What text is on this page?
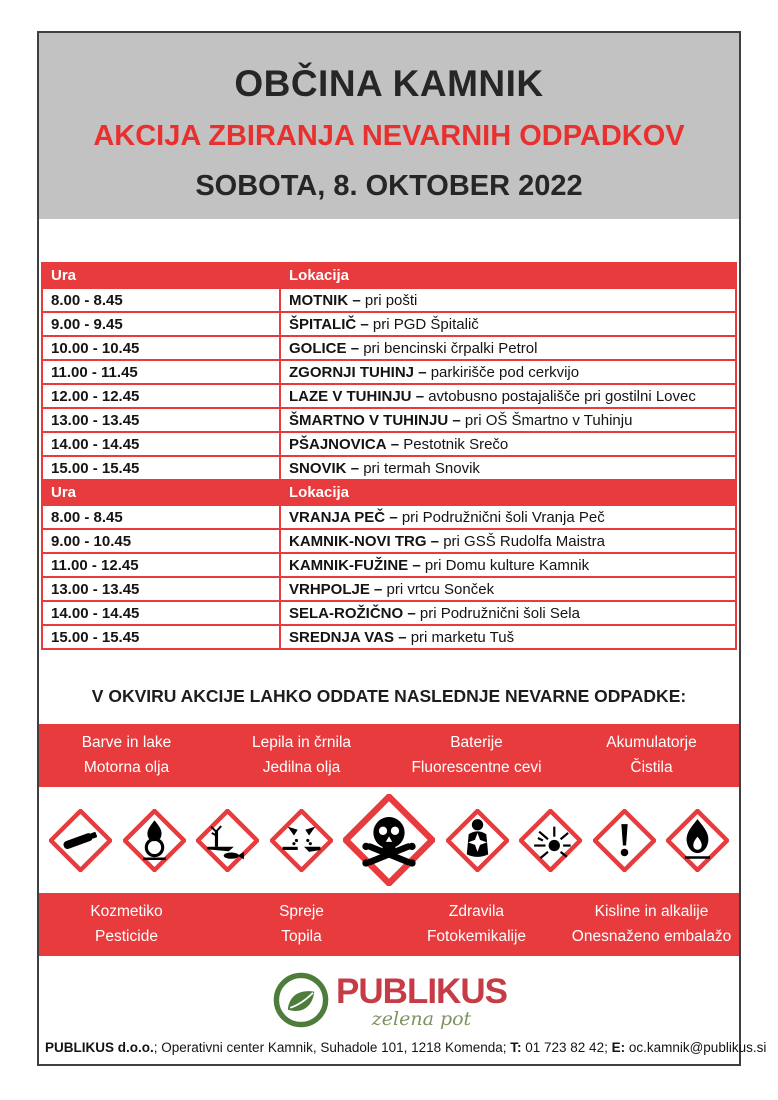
OBČINA KAMNIK
AKCIJA ZBIRANJA NEVARNIH ODPADKOV
SOBOTA, 8. OKTOBER 2022
Ura	Lokacija
8.00 - 8.45	MOTNIK – pri pošti
9.00 - 9.45	ŠPITALIČ – pri PGD Špitalič
10.00 - 10.45	GOLICE – pri bencinski črpalki Petrol
11.00 - 11.45	ZGORNJI TUHINJ – parkirišče pod cerkvijo
12.00 - 12.45	LAZE V TUHINJU – avtobusno postajališče pri gostilni Lovec
13.00 - 13.45	ŠMARTNO V TUHINJU – pri OŠ Šmartno v Tuhinju
14.00 - 14.45	PŠAJNOVICA – Pestotnik Srečo
15.00 - 15.45	SNOVIK – pri termah Snovik
Ura	Lokacija
8.00 - 8.45	VRANJA PEČ – pri Podružnični šoli Vranja Peč
9.00 - 10.45	KAMNIK-NOVI TRG – pri GSŠ Rudolfa Maistra
11.00 - 12.45	KAMNIK-FUŽINE – pri Domu kulture Kamnik
13.00 - 13.45	VRHPOLJE – pri vrtcu Sonček
14.00 - 14.45	SELA-ROŽIČNO – pri Podružnični šoli Sela
15.00 - 15.45	SREDNJA VAS – pri marketu Tuš
V OKVIRU AKCIJE LAHKO ODDATE NASLEDNJE NEVARNE ODPADKE:
Barve in lake	Lepila in črnila	Baterije	Akumulatorje
Motorna olja	Jedilna olja	Fluorescentne cevi	Čistila
Kozmetiko	Spreje	Zdravila	Kisline in alkalije
Pesticide	Topila	Fotokemikalije	Onesnaženo embalažo
PUBLIKUS
zelena pot
PUBLIKUS d.o.o.; Operativni center Kamnik, Suhadole 101, 1218 Komenda; T: 01 723 82 42; E: oc.kamnik@publikus.si
